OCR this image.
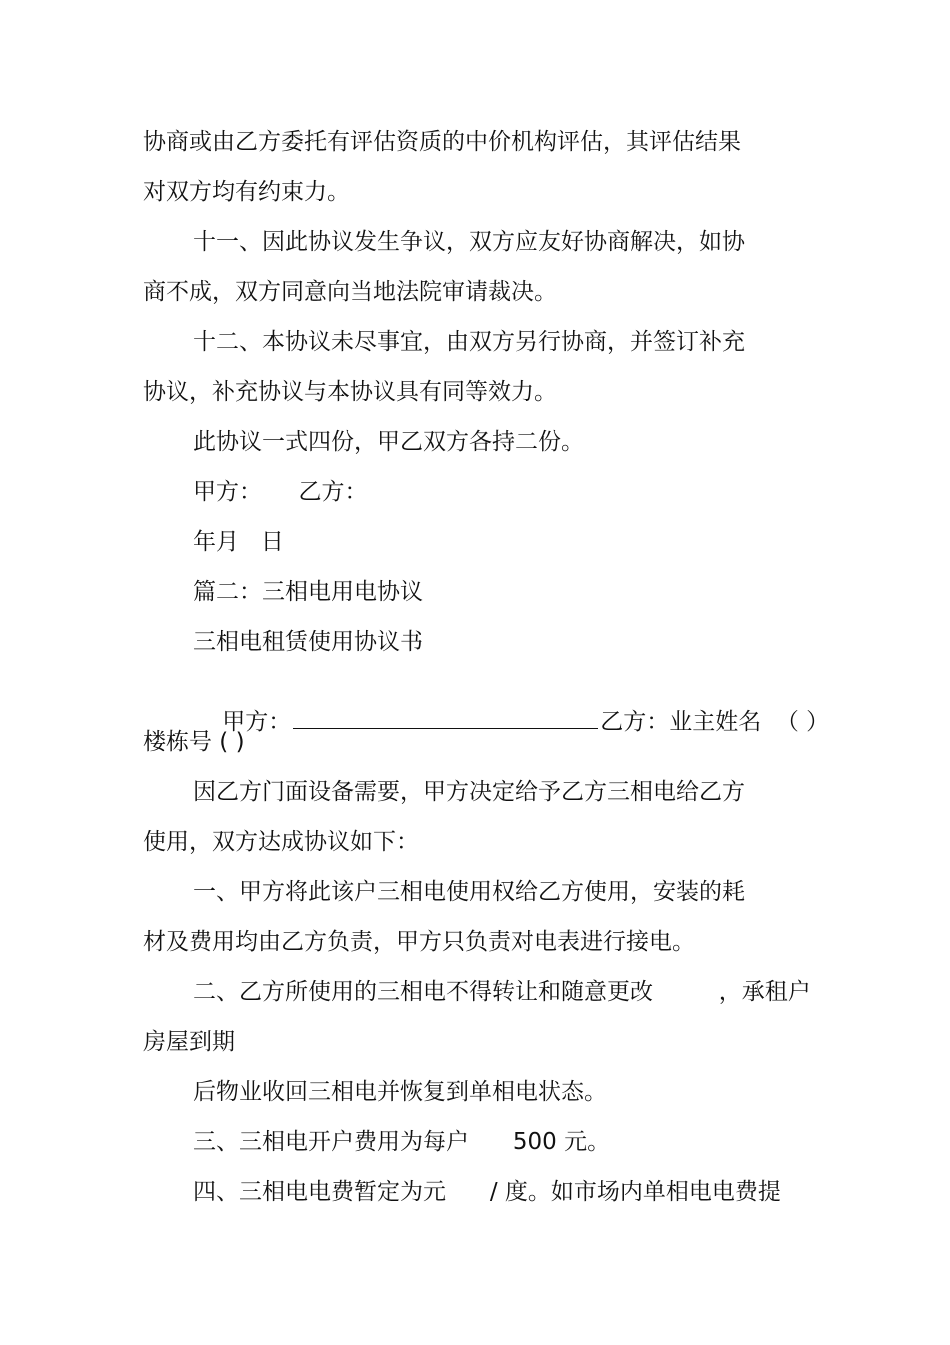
协商或由乙方委托有评估资质的中价机构评估，其评估结果
对双方均有约束力。
十一、因此协议发生争议，双方应友好协商解决，如协
商不成，双方同意向当地法院审请裁决。
十二、本协议未尽事宜，由双方另行协商，并签订补充
协议，补充协议与本协议具有同等效力。
此协议一式四份，甲乙双方各持二份。
甲方：     乙方：
年月   日
篇二：三相电用电协议
三相电租赁使用协议书

甲方：	乙方：业主姓名  （ ）

楼栋号 ( )
因乙方门面设备需要，甲方决定给予乙方三相电给乙方
使用，双方达成协议如下：
一、甲方将此该户三相电使用权给乙方使用，安装的耗
材及费用均由乙方负责，甲方只负责对电表进行接电。
二、乙方所使用的三相电不得转让和随意更改         ，承租户
房屋到期
后物业收回三相电并恢复到单相电状态。
三、三相电开户费用为每户      500 元。
四、三相电电费暂定为元      / 度。如市场内单相电电费提
